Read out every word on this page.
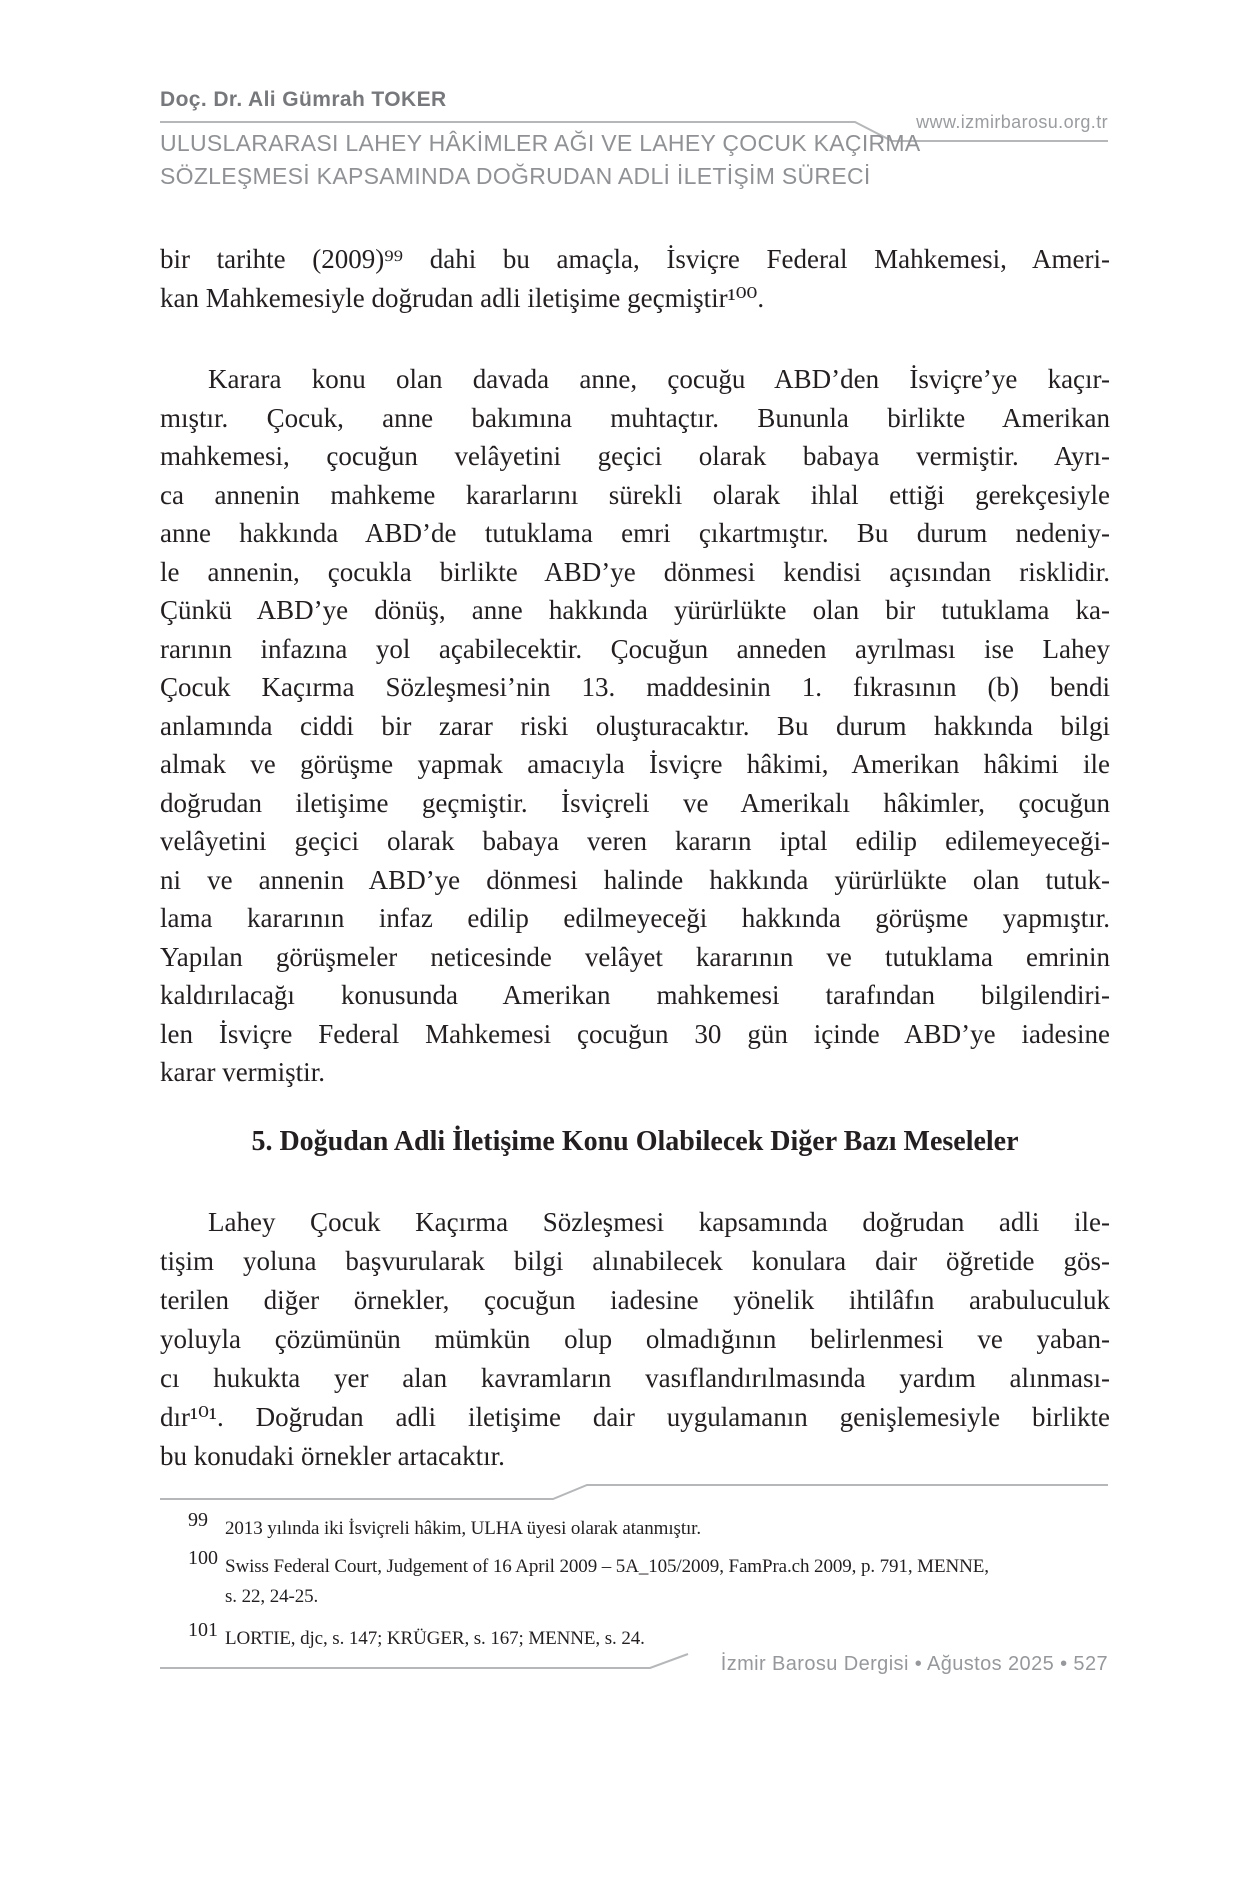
Doç. Dr. Ali Gümrah TOKER
www.izmirbarosu.org.tr
ULUSLARARASI LAHEY HÂKİMLER AĞI VE LAHEY ÇOCUK KAÇIRMA
SÖZLEŞMESİ KAPSAMINDA DOĞRUDAN ADLİ İLETİŞİM SÜRECİ
bir tarihte (2009)⁹⁹ dahi bu amaçla, İsviçre Federal Mahkemesi, Ameri-
kan Mahkemesiyle doğrudan adli iletişime geçmiştir¹⁰⁰.
Karara konu olan davada anne, çocuğu ABD’den İsviçre’ye kaçır-
mıştır. Çocuk, anne bakımına muhtaçtır. Bununla birlikte Amerikan
mahkemesi, çocuğun velâyetini geçici olarak babaya vermiştir. Ayrı-
ca annenin mahkeme kararlarını sürekli olarak ihlal ettiği gerekçesiyle
anne hakkında ABD’de tutuklama emri çıkartmıştır. Bu durum nedeniy-
le annenin, çocukla birlikte ABD’ye dönmesi kendisi açısından risklidir.
Çünkü ABD’ye dönüş, anne hakkında yürürlükte olan bir tutuklama ka-
rarının infazına yol açabilecektir. Çocuğun anneden ayrılması ise Lahey
Çocuk Kaçırma Sözleşmesi’nin 13. maddesinin 1. fıkrasının (b) bendi
anlamında ciddi bir zarar riski oluşturacaktır. Bu durum hakkında bilgi
almak ve görüşme yapmak amacıyla İsviçre hâkimi, Amerikan hâkimi ile
doğrudan iletişime geçmiştir. İsviçreli ve Amerikalı hâkimler, çocuğun
velâyetini geçici olarak babaya veren kararın iptal edilip edilemeyeceği-
ni ve annenin ABD’ye dönmesi halinde hakkında yürürlükte olan tutuk-
lama kararının infaz edilip edilmeyeceği hakkında görüşme yapmıştır.
Yapılan görüşmeler neticesinde velâyet kararının ve tutuklama emrinin
kaldırılacağı konusunda Amerikan mahkemesi tarafından bilgilendiri-
len İsviçre Federal Mahkemesi çocuğun 30 gün içinde ABD’ye iadesine
karar vermiştir.
5. Doğudan Adli İletişime Konu Olabilecek Diğer Bazı Meseleler
Lahey Çocuk Kaçırma Sözleşmesi kapsamında doğrudan adli ile-
tişim yoluna başvurularak bilgi alınabilecek konulara dair öğretide gös-
terilen diğer örnekler, çocuğun iadesine yönelik ihtilâfın arabuluculuk
yoluyla çözümünün mümkün olup olmadığının belirlenmesi ve yaban-
cı hukukta yer alan kavramların vasıflandırılmasında yardım alınması-
dır¹⁰¹. Doğrudan adli iletişime dair uygulamanın genişlemesiyle birlikte
bu konudaki örnekler artacaktır.
99 2013 yılında iki İsviçreli hâkim, ULHA üyesi olarak atanmıştır.
100 Swiss Federal Court, Judgement of 16 April 2009 – 5A_105/2009, FamPra.ch 2009, p. 791, MENNE,
s. 22, 24-25.
101 LORTIE, djc, s. 147; KRÜGER, s. 167; MENNE, s. 24.
İzmir Barosu Dergisi • Ağustos 2025 • 527
